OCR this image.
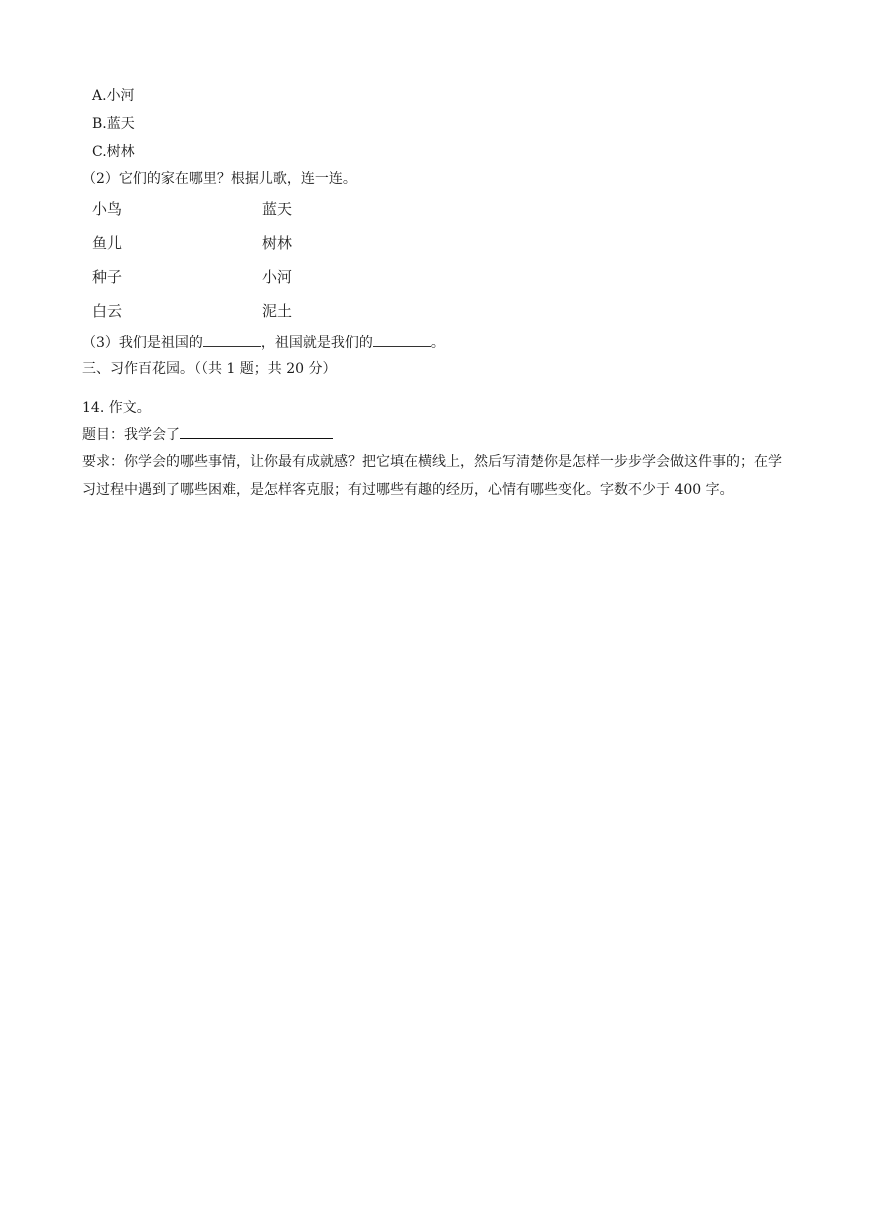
A.小河
B.蓝天
C.树林
（2）它们的家在哪里？根据儿歌，连一连。
小鸟
鱼儿
种子
白云
蓝天
树林
小河
泥土
（3）我们是祖国的	，祖国就是我们的	。
三、习作百花园。（（共 1 题；共 20 分）
14. 作文。
题目：我学会了
要求：你学会的哪些事情，让你最有成就感？把它填在横线上，然后写清楚你是怎样一步步学会做这件事的；在学习过程中遇到了哪些困难，是怎样客克服；有过哪些有趣的经历，心情有哪些变化。字数不少于 400 字。
